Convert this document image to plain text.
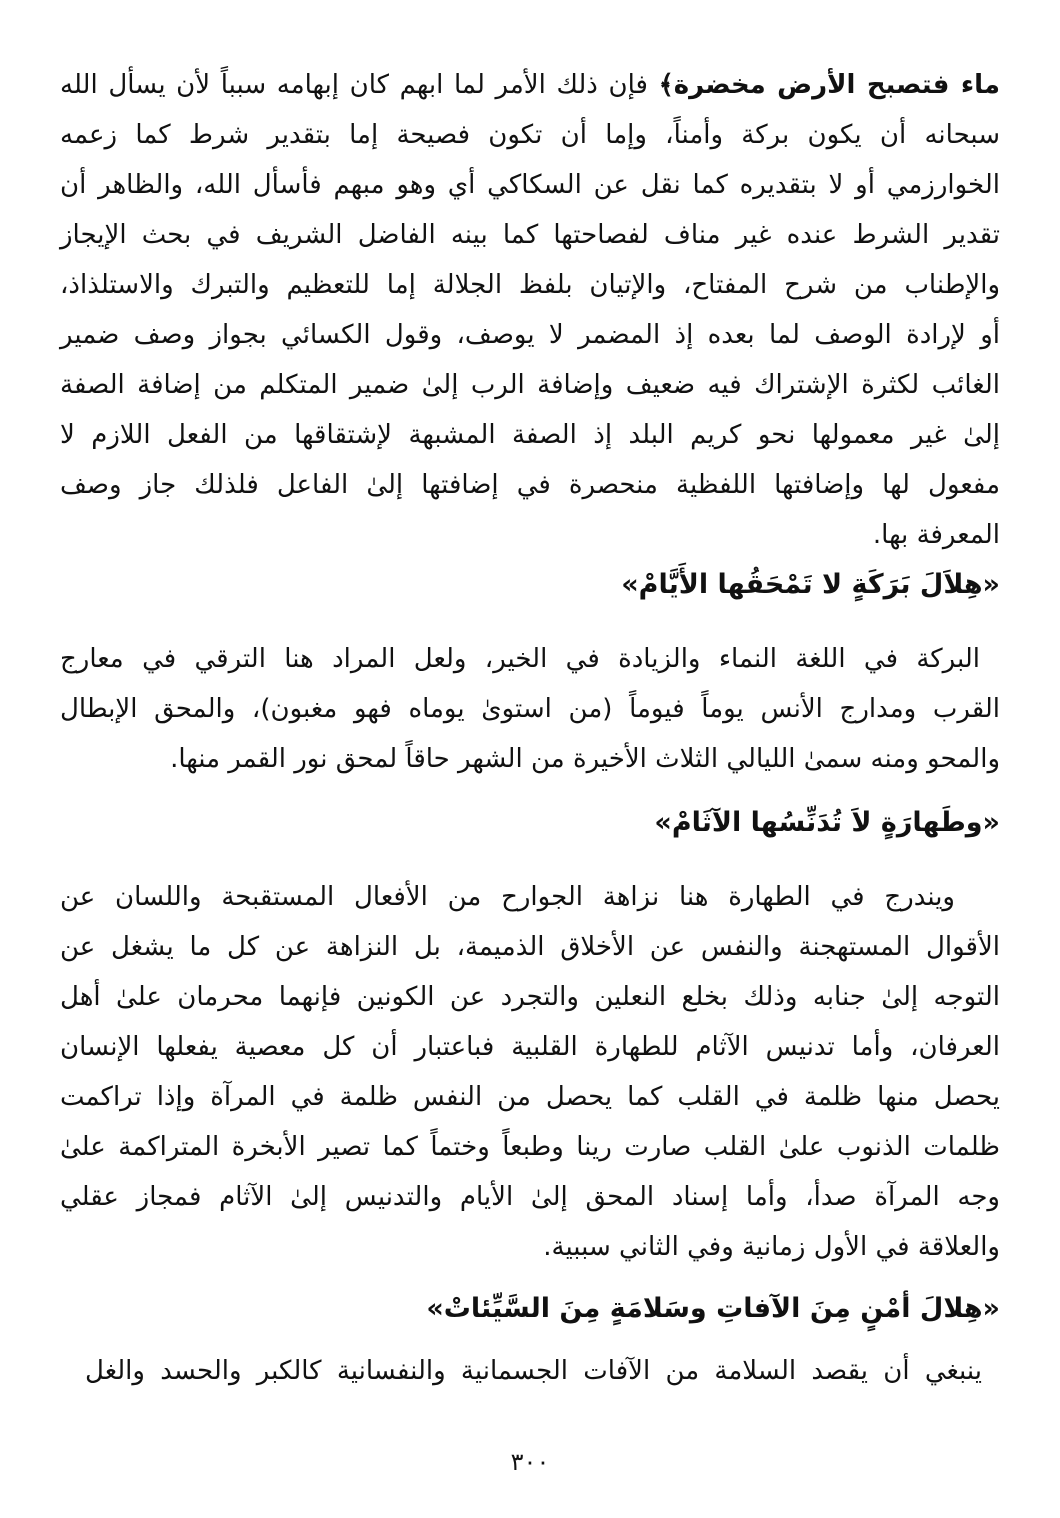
ماء فتصبح الأرض مخضرة﴾ فإن ذلك الأمر لما ابهم كان إبهامه سبباً لأن يسأل الله
سبحانه أن يكون بركة وأمناً، وإما أن تكون فصيحة إما بتقدير شرط كما زعمه
الخوارزمي أو لا بتقديره كما نقل عن السكاكي أي وهو مبهم فأسأل الله، والظاهر أن
تقدير الشرط عنده غير مناف لفصاحتها كما بينه الفاضل الشريف في بحث الإيجاز
والإطناب من شرح المفتاح، والإتيان بلفظ الجلالة إما للتعظيم والتبرك والاستلذاذ،
أو لإرادة الوصف لما بعده إذ المضمر لا يوصف، وقول الكسائي بجواز وصف ضمير
الغائب لكثرة الإشتراك فيه ضعيف وإضافة الرب إلىٰ ضمير المتكلم من إضافة الصفة
إلىٰ غير معمولها نحو كريم البلد إذ الصفة المشبهة لإشتقاقها من الفعل اللازم لا
مفعول لها وإضافتها اللفظية منحصرة في إضافتها إلىٰ الفاعل فلذلك جاز وصف
المعرفة بها.
«هِلاَلَ بَرَكَةٍ لا تَمْحَقُها الأَيَّامْ»
البركة في اللغة النماء والزيادة في الخير، ولعل المراد هنا الترقي في معارج
القرب ومدارج الأنس يوماً فيوماً (من استوىٰ يوماه فهو مغبون)، والمحق الإبطال
والمحو ومنه سمىٰ الليالي الثلاث الأخيرة من الشهر حاقاً لمحق نور القمر منها.
«وطَهارَةٍ لاَ تُدَنِّسُها الآثَامْ»
ويندرج في الطهارة هنا نزاهة الجوارح من الأفعال المستقبحة واللسان عن
الأقوال المستهجنة والنفس عن الأخلاق الذميمة، بل النزاهة عن كل ما يشغل عن
التوجه إلىٰ جنابه وذلك بخلع النعلين والتجرد عن الكونين فإنهما محرمان علىٰ أهل
العرفان، وأما تدنيس الآثام للطهارة القلبية فباعتبار أن كل معصية يفعلها الإنسان
يحصل منها ظلمة في القلب كما يحصل من النفس ظلمة في المرآة وإذا تراكمت
ظلمات الذنوب علىٰ القلب صارت رينا وطبعاً وختماً كما تصير الأبخرة المتراكمة علىٰ
وجه المرآة صدأ، وأما إسناد المحق إلىٰ الأيام والتدنيس إلىٰ الآثام فمجاز عقلي
والعلاقة في الأول زمانية وفي الثاني سببية.
«هِلالَ أمْنٍ مِنَ الآفاتِ وسَلامَةٍ مِنَ السَّيِّئاتْ»
ينبغي أن يقصد السلامة من الآفات الجسمانية والنفسانية كالكبر والحسد والغل
٣٠٠
